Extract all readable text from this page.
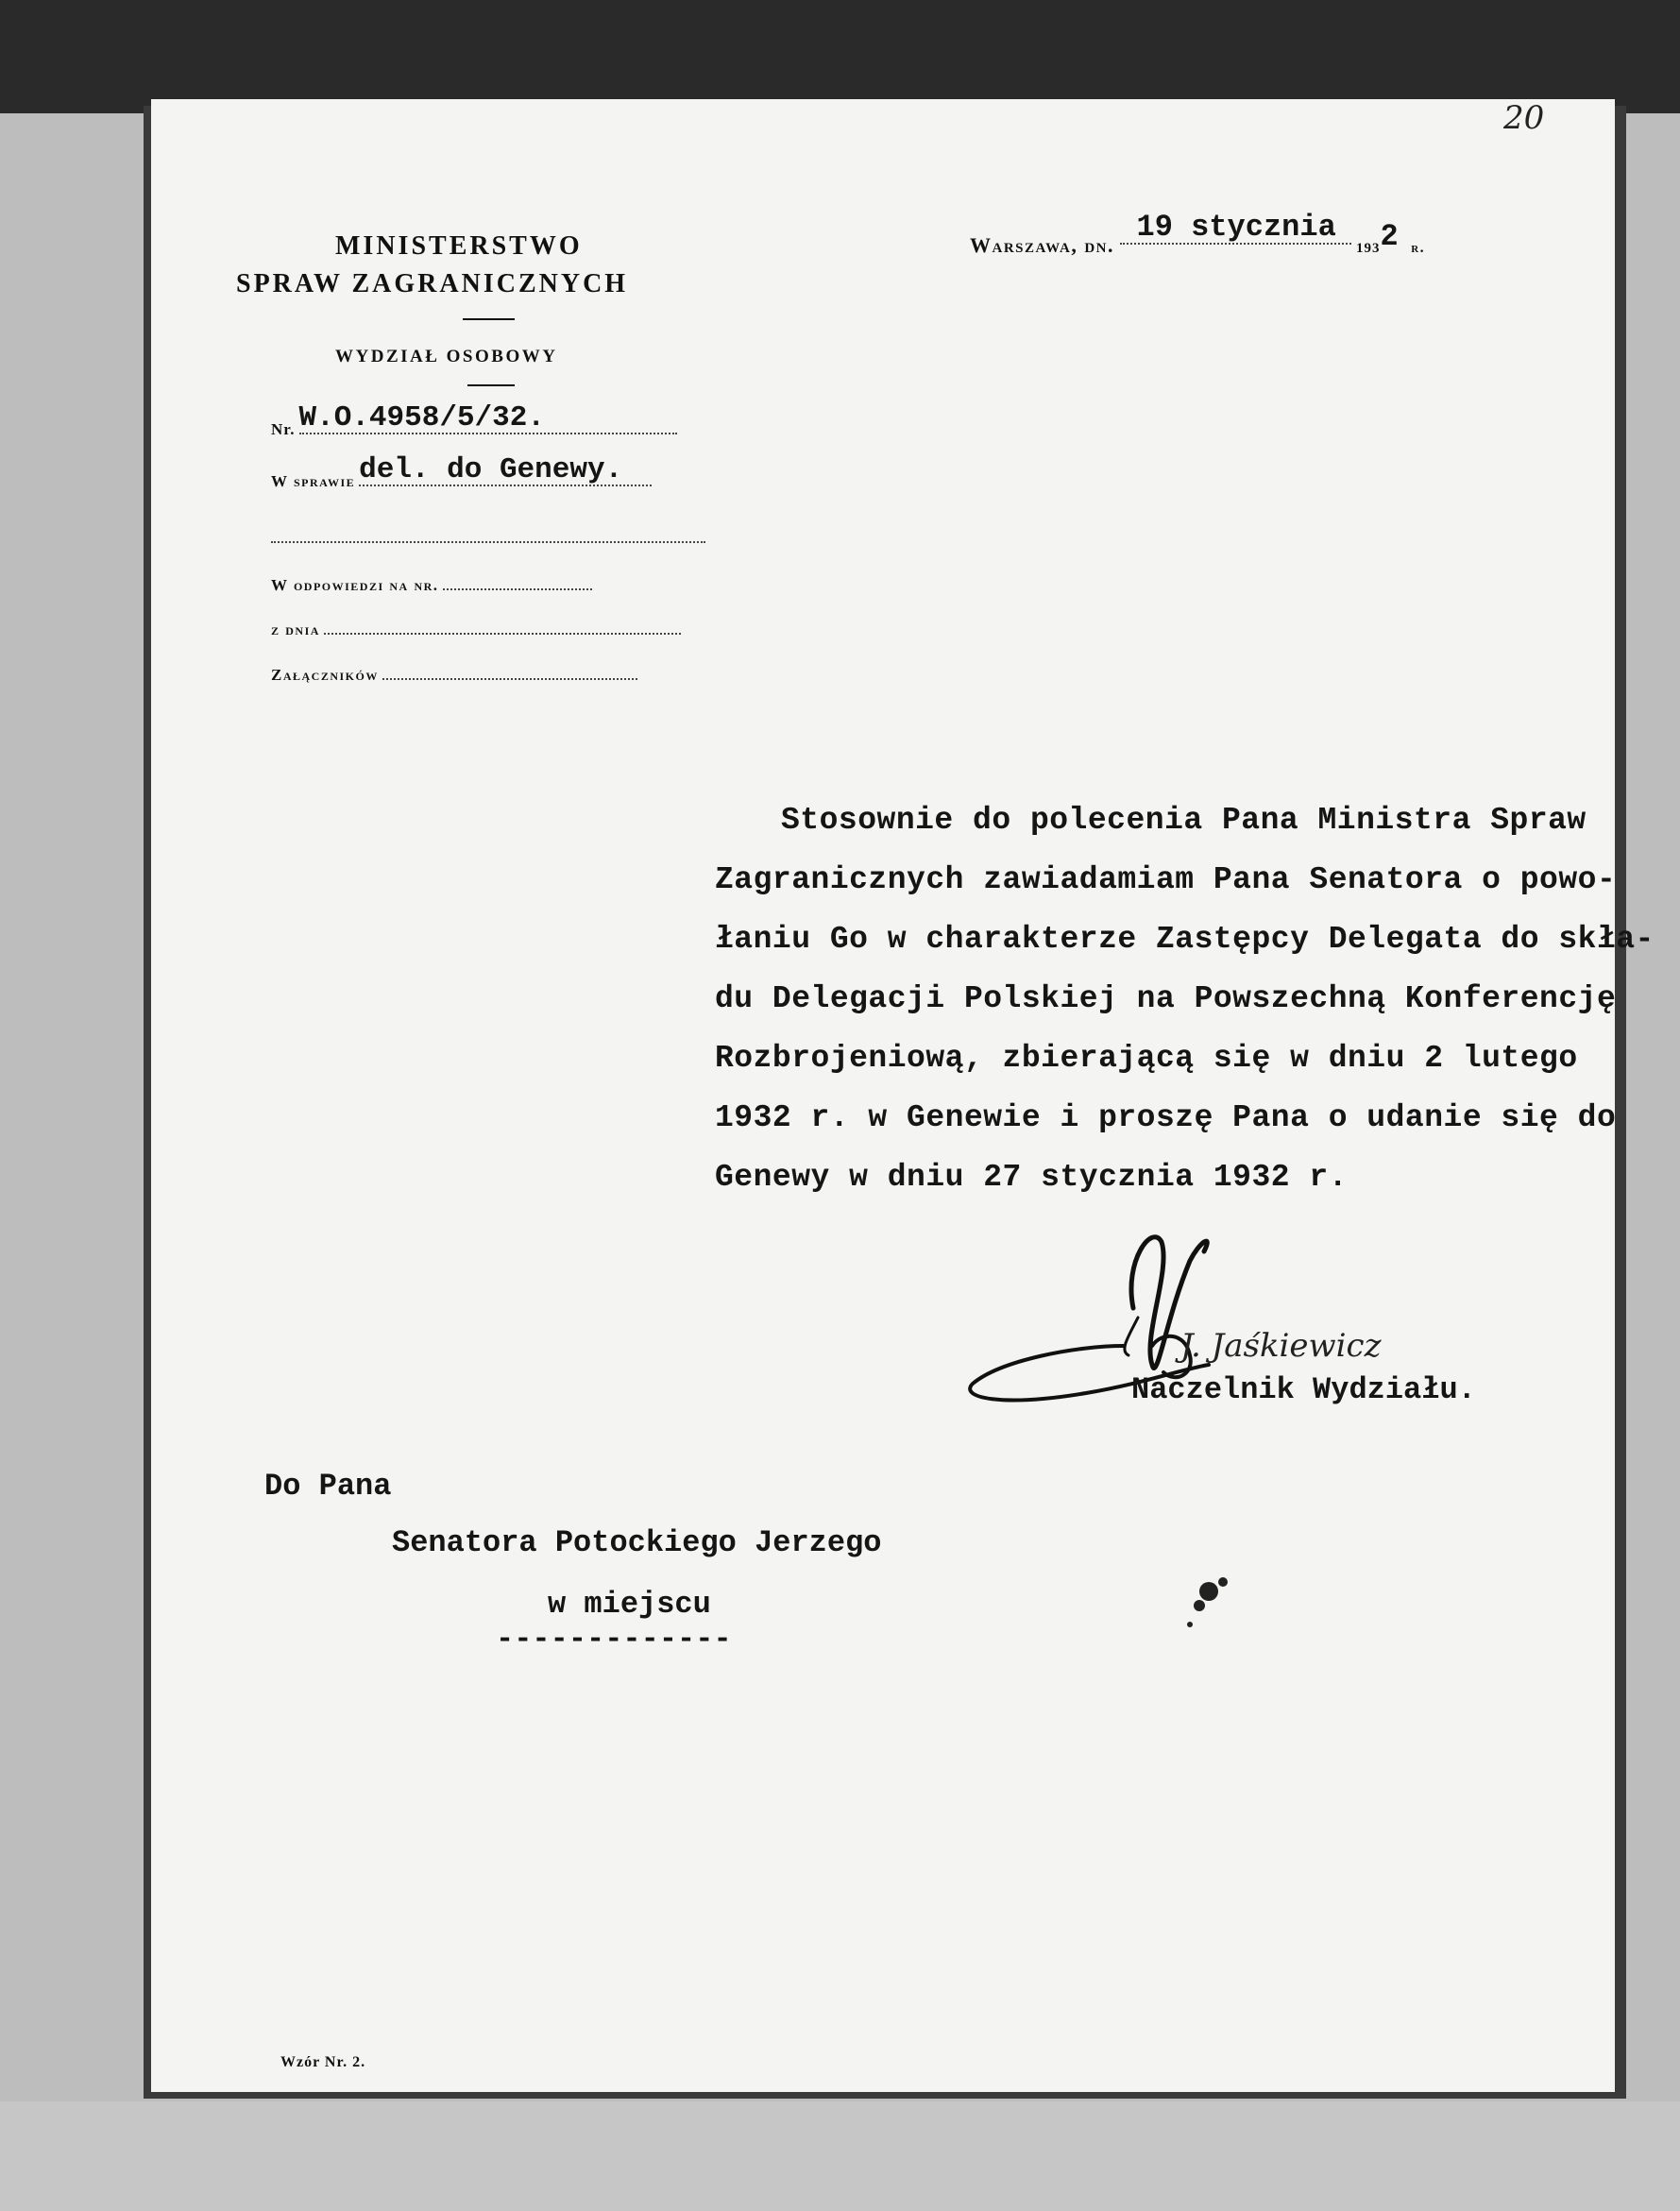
20
MINISTERSTWO
SPRAW ZAGRANICZNYCH
WYDZIAŁ OSOBOWY
Warszawa, dn.
19 stycznia
$_{193}$2 $_{r.}$
Nr. W.O.4958/5/32.
W sprawie del. do Genewy.
W odpowiedzi na nr.
z dnia
Załączników
Stosownie do polecenia Pana Ministra Spraw
Zagranicznych zawiadamiam Pana Senatora o powo-
łaniu Go w charakterze Zastępcy Delegata do skła-
du Delegacji Polskiej na Powszechną Konferencję
Rozbrojeniową, zbierającą się w dniu 2 lutego
1932 r. w Genewie i proszę Pana o udanie się do
Genewy w dniu 27 stycznia 1932 r.
J. Jaśkiewicz
Naczelnik Wydziału.
Do Pana
Senatora Potockiego Jerzego
w miejscu
-------------
Wzór Nr. 2.
